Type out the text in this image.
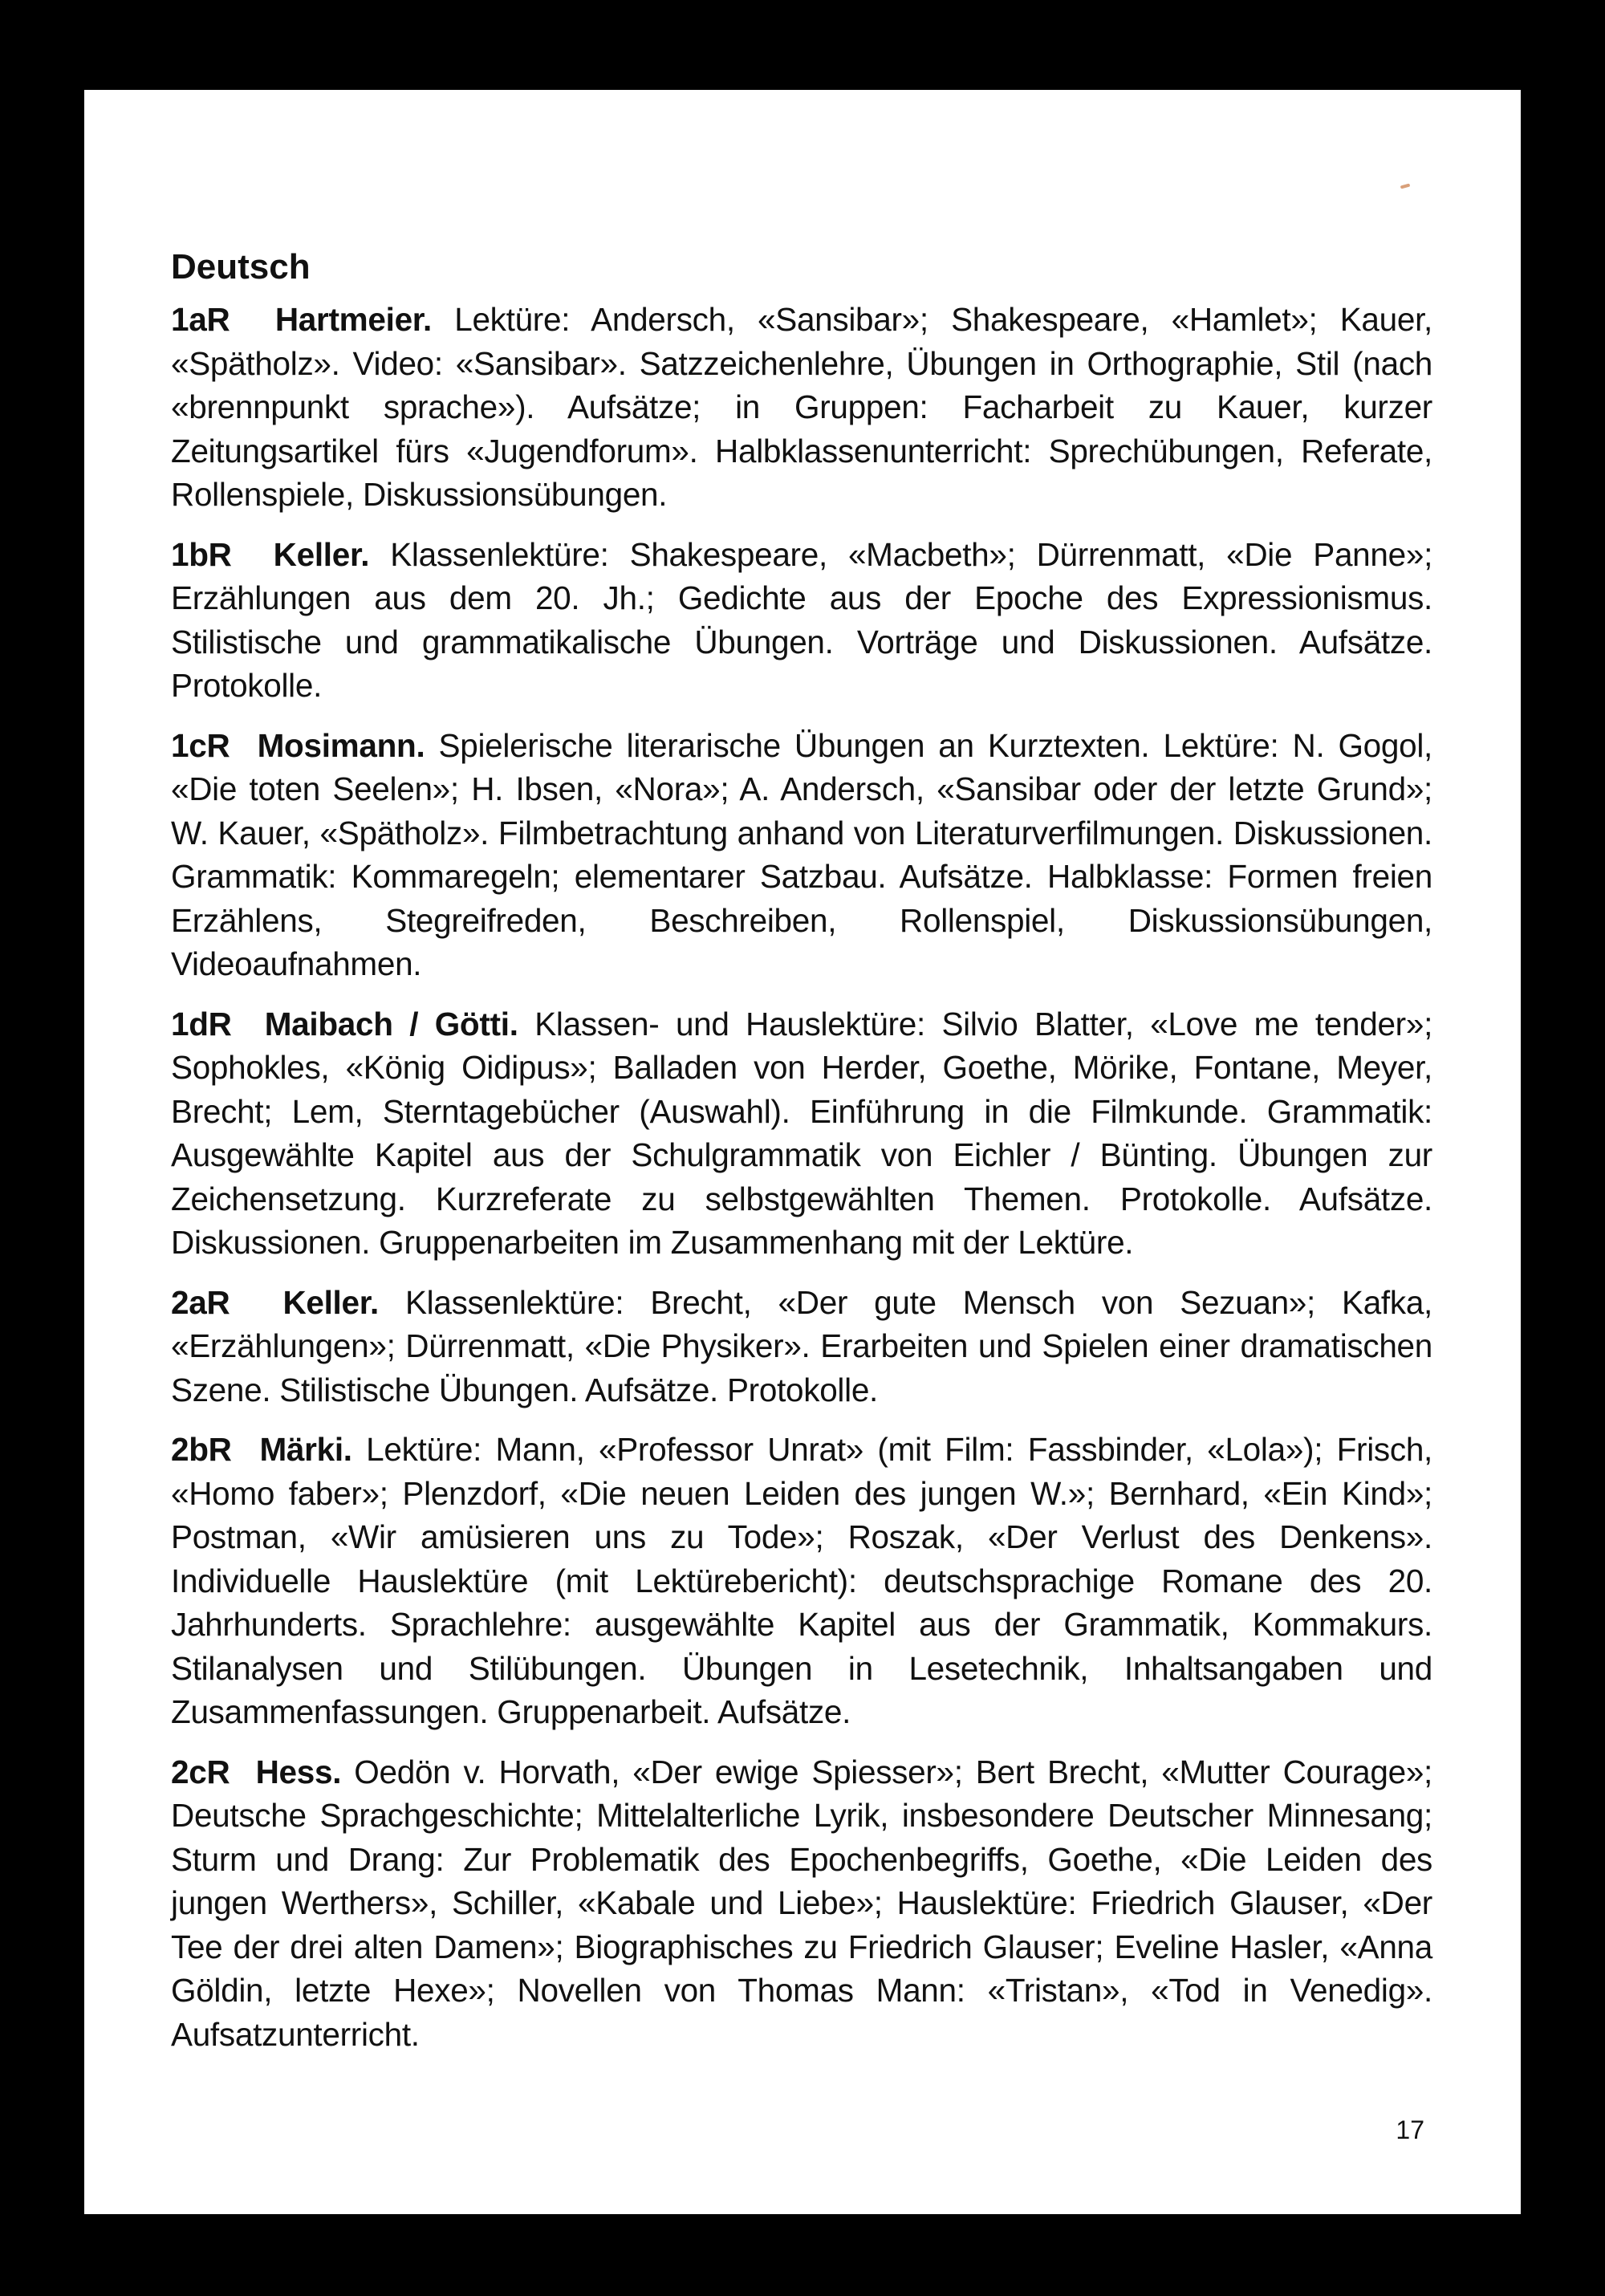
Deutsch

1aR Hartmeier. Lektüre: Andersch, «Sansibar»; Shakespeare, «Hamlet»; Kauer, «Spätholz». Video: «Sansibar». Satzzeichenlehre, Übungen in Orthographie, Stil (nach «brennpunkt sprache»). Aufsätze; in Gruppen: Facharbeit zu Kauer, kurzer Zeitungsartikel fürs «Jugendforum». Halbklassenunterricht: Sprechübungen, Referate, Rollenspiele, Diskussionsübungen.

1bR Keller. Klassenlektüre: Shakespeare, «Macbeth»; Dürrenmatt, «Die Panne»; Erzählungen aus dem 20. Jh.; Gedichte aus der Epoche des Expressionismus. Stilistische und grammatikalische Übungen. Vorträge und Diskussionen. Aufsätze. Protokolle.

1cR Mosimann. Spielerische literarische Übungen an Kurztexten. Lektüre: N. Gogol, «Die toten Seelen»; H. Ibsen, «Nora»; A. Andersch, «Sansibar oder der letzte Grund»; W. Kauer, «Spätholz». Filmbetrachtung anhand von Literaturverfilmungen. Diskussionen. Grammatik: Kommaregeln; elementarer Satzbau. Aufsätze. Halbklasse: Formen freien Erzählens, Stegreifreden, Beschreiben, Rollenspiel, Diskussionsübungen, Videoaufnahmen.

1dR Maibach / Götti. Klassen- und Hauslektüre: Silvio Blatter, «Love me tender»; Sophokles, «König Oidipus»; Balladen von Herder, Goethe, Mörike, Fontane, Meyer, Brecht; Lem, Sterntagebücher (Auswahl). Einführung in die Filmkunde. Grammatik: Ausgewählte Kapitel aus der Schulgrammatik von Eichler / Bünting. Übungen zur Zeichensetzung. Kurzreferate zu selbstgewählten Themen. Protokolle. Aufsätze. Diskussionen. Gruppenarbeiten im Zusammenhang mit der Lektüre.

2aR Keller. Klassenlektüre: Brecht, «Der gute Mensch von Sezuan»; Kafka, «Erzählungen»; Dürrenmatt, «Die Physiker». Erarbeiten und Spielen einer dramatischen Szene. Stilistische Übungen. Aufsätze. Protokolle.

2bR Märki. Lektüre: Mann, «Professor Unrat» (mit Film: Fassbinder, «Lola»); Frisch, «Homo faber»; Plenzdorf, «Die neuen Leiden des jungen W.»; Bernhard, «Ein Kind»; Postman, «Wir amüsieren uns zu Tode»; Roszak, «Der Verlust des Denkens». Individuelle Hauslektüre (mit Lektürebericht): deutschsprachige Romane des 20. Jahrhunderts. Sprachlehre: ausgewählte Kapitel aus der Grammatik, Kommakurs. Stilanalysen und Stilübungen. Übungen in Lesetechnik, Inhaltsangaben und Zusammenfassungen. Gruppenarbeit. Aufsätze.

2cR Hess. Oedön v. Horvath, «Der ewige Spiesser»; Bert Brecht, «Mutter Courage»; Deutsche Sprachgeschichte; Mittelalterliche Lyrik, insbesondere Deutscher Minnesang; Sturm und Drang: Zur Problematik des Epochenbegriffs, Goethe, «Die Leiden des jungen Werthers», Schiller, «Kabale und Liebe»; Hauslektüre: Friedrich Glauser, «Der Tee der drei alten Damen»; Biographisches zu Friedrich Glauser; Eveline Hasler, «Anna Göldin, letzte Hexe»; Novellen von Thomas Mann: «Tristan», «Tod in Venedig». Aufsatzunterricht.

17
